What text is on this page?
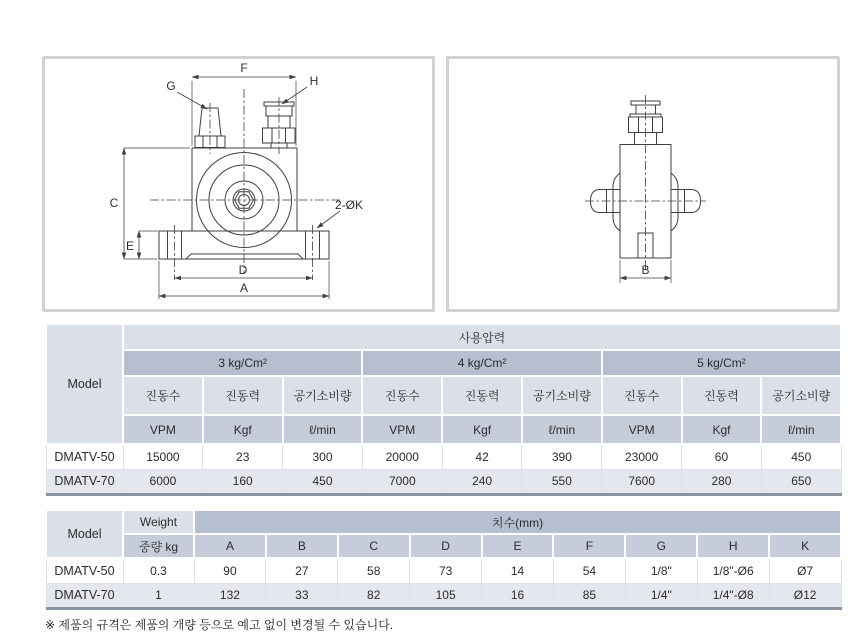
F
G	H
C
E
D
A
2-ØK
B
Model	사용압력								
	3 kg/Cm²			4 kg/Cm²			5 kg/Cm²		
	진동수	진동력	공기소비량	진동수	진동력	공기소비량	진동수	진동력	공기소비량
	VPM	Kgf	ℓ/min	VPM	Kgf	ℓ/min	VPM	Kgf	ℓ/min
DMATV-50	15000	23	300	20000	42	390	23000	60	450
DMATV-70	6000	160	450	7000	240	550	7600	280	650
Model	Weight	치수(mm)								
	중량 kg	A	B	C	D	E	F	G	H	K
DMATV-50	0.3	90	27	58	73	14	54	1/8"	1/8"-Ø6	Ø7
DMATV-70	1	132	33	82	105	16	85	1/4"	1/4"-Ø8	Ø12
※ 제품의 규격은 제품의 개량 등으로 예고 없이 변경될 수 있습니다.
